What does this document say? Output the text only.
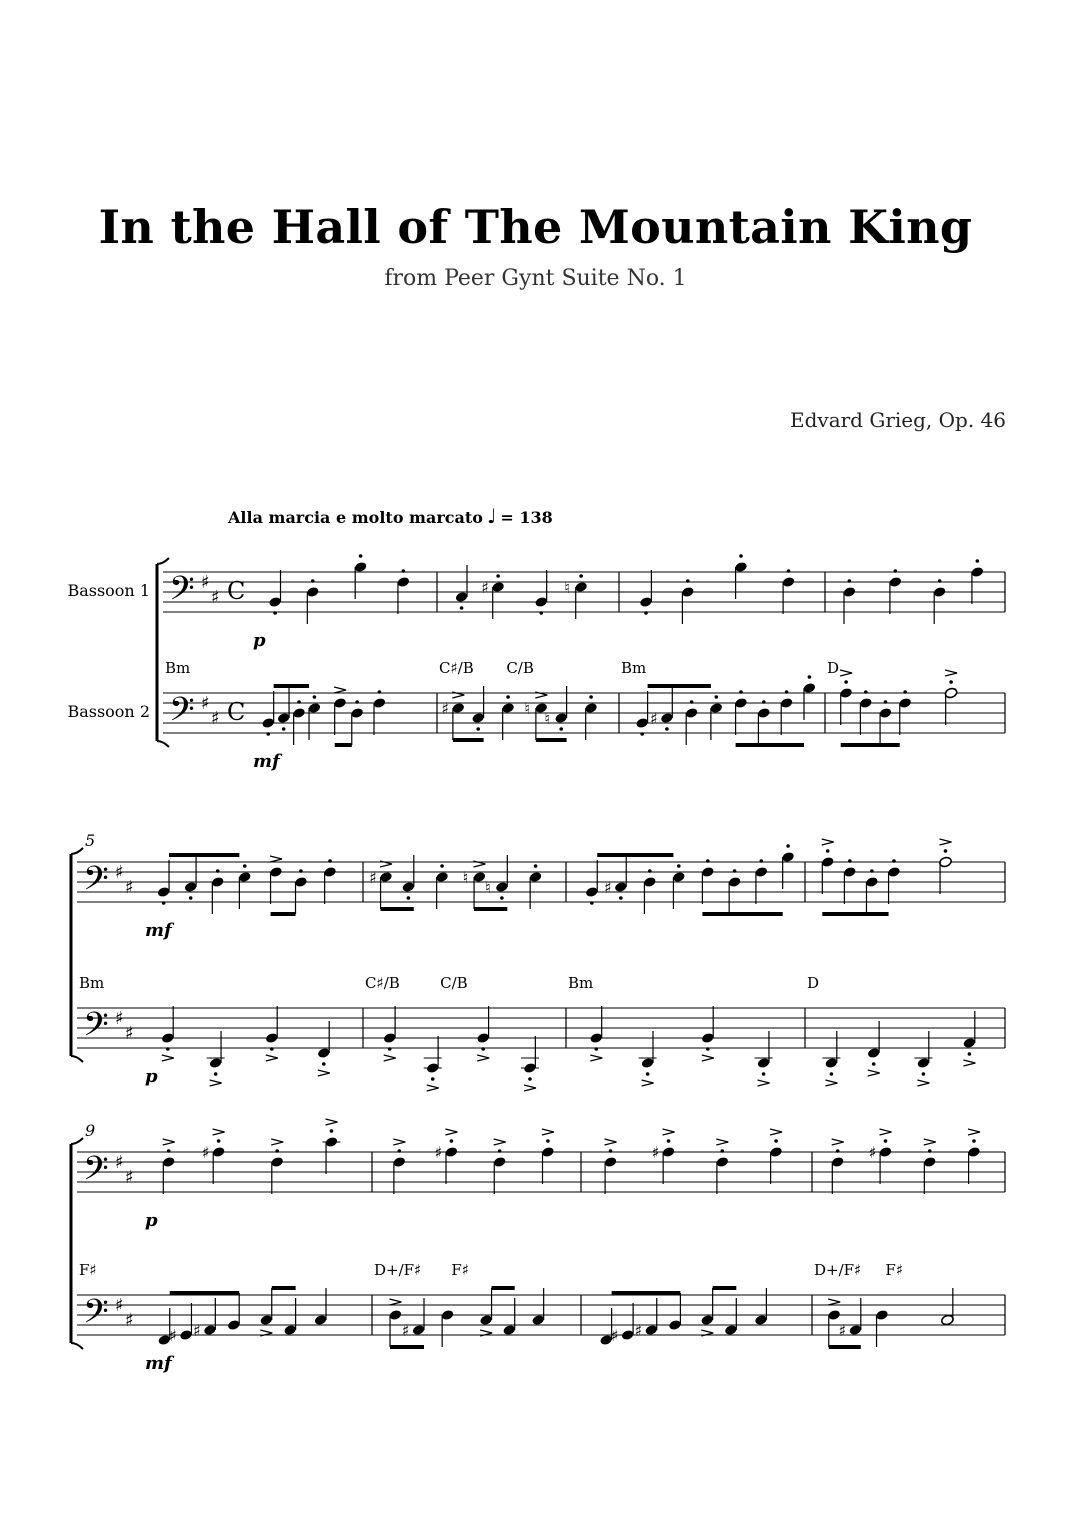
In the Hall of The Mountain King
from Peer Gynt Suite No. 1
Edvard Grieg, Op. 46
Alla marcia e molto marcato ♩ = 138
𝄢 ♯
♯ C
𝄢 ♯
♯ C
♯	♮
♯	♮
♮	♯
Bm
p
mf
C♯/B C/B	Bm	D
Bassoon 1
Bassoon 2
𝄢 ♯
♯
𝄢 ♯
♯
♯	♮
♮	♯
5
Bm
mf
p
C♯/B	C/B	Bm	D
𝄢 ♯
♯
𝄢 ♯
♯
♯	♯	♯	♯
♯ ♯	♯	♯ ♯	♯
9
F♯
p
mf
D+/F♯ F♯	D+/F♯ F♯
